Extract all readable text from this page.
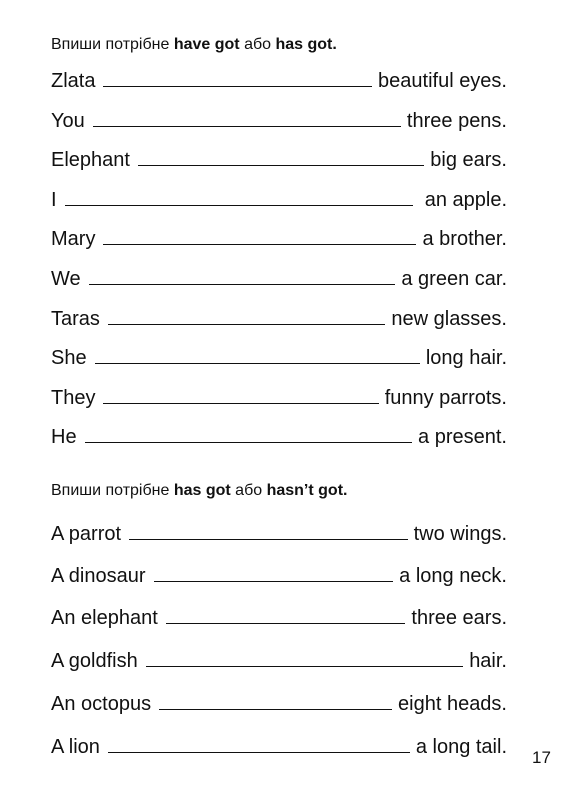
Впиши потрібне have got або has got.
Zlata	beautiful eyes.
You	three pens.
Elephant	big ears.
I	an apple.
Mary	a brother.
We	a green car.
Taras	new glasses.
She	long hair.
They	funny parrots.
He	a present.
Впиши потрібне has got або hasn’t got.
A parrot	two wings.
A dinosaur	a long neck.
An elephant	three ears.
A goldfish	hair.
An octopus	eight heads.
A lion	a long tail. 17
